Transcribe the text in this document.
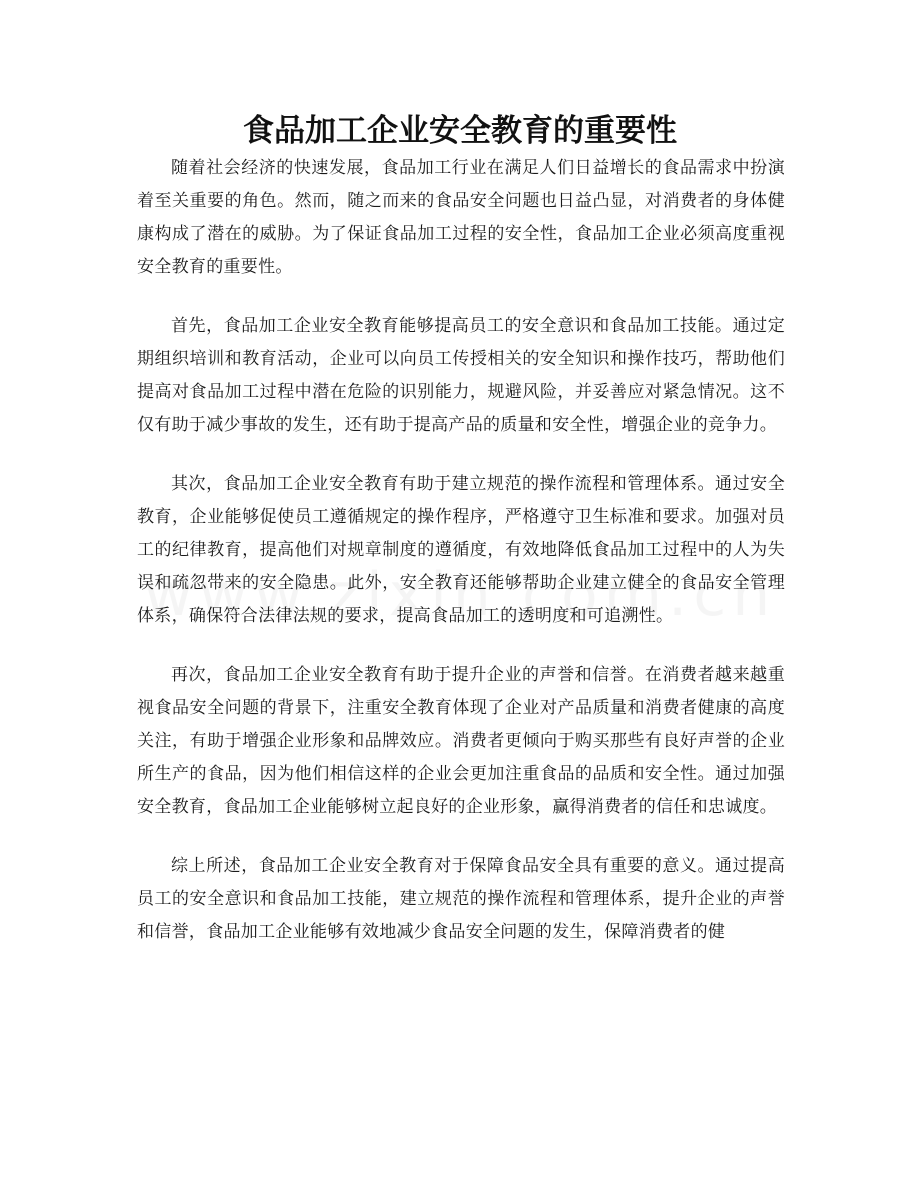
食品加工企业安全教育的重要性

随着社会经济的快速发展，食品加工行业在满足人们日益增长的食品需求中扮演着至关重要的角色。然而，随之而来的食品安全问题也日益凸显，对消费者的身体健康构成了潜在的威胁。为了保证食品加工过程的安全性，食品加工企业必须高度重视安全教育的重要性。

首先，食品加工企业安全教育能够提高员工的安全意识和食品加工技能。通过定期组织培训和教育活动，企业可以向员工传授相关的安全知识和操作技巧，帮助他们提高对食品加工过程中潜在危险的识别能力，规避风险，并妥善应对紧急情况。这不仅有助于减少事故的发生，还有助于提高产品的质量和安全性，增强企业的竞争力。

其次，食品加工企业安全教育有助于建立规范的操作流程和管理体系。通过安全教育，企业能够促使员工遵循规定的操作程序，严格遵守卫生标准和要求。加强对员工的纪律教育，提高他们对规章制度的遵循度，有效地降低食品加工过程中的人为失误和疏忽带来的安全隐患。此外，安全教育还能够帮助企业建立健全的食品安全管理体系，确保符合法律法规的要求，提高食品加工的透明度和可追溯性。

再次，食品加工企业安全教育有助于提升企业的声誉和信誉。在消费者越来越重视食品安全问题的背景下，注重安全教育体现了企业对产品质量和消费者健康的高度关注，有助于增强企业形象和品牌效应。消费者更倾向于购买那些有良好声誉的企业所生产的食品，因为他们相信这样的企业会更加注重食品的品质和安全性。通过加强安全教育，食品加工企业能够树立起良好的企业形象，赢得消费者的信任和忠诚度。

综上所述，食品加工企业安全教育对于保障食品安全具有重要的意义。通过提高员工的安全意识和食品加工技能，建立规范的操作流程和管理体系，提升企业的声誉和信誉，食品加工企业能够有效地减少食品安全问题的发生，保障消费者的健
